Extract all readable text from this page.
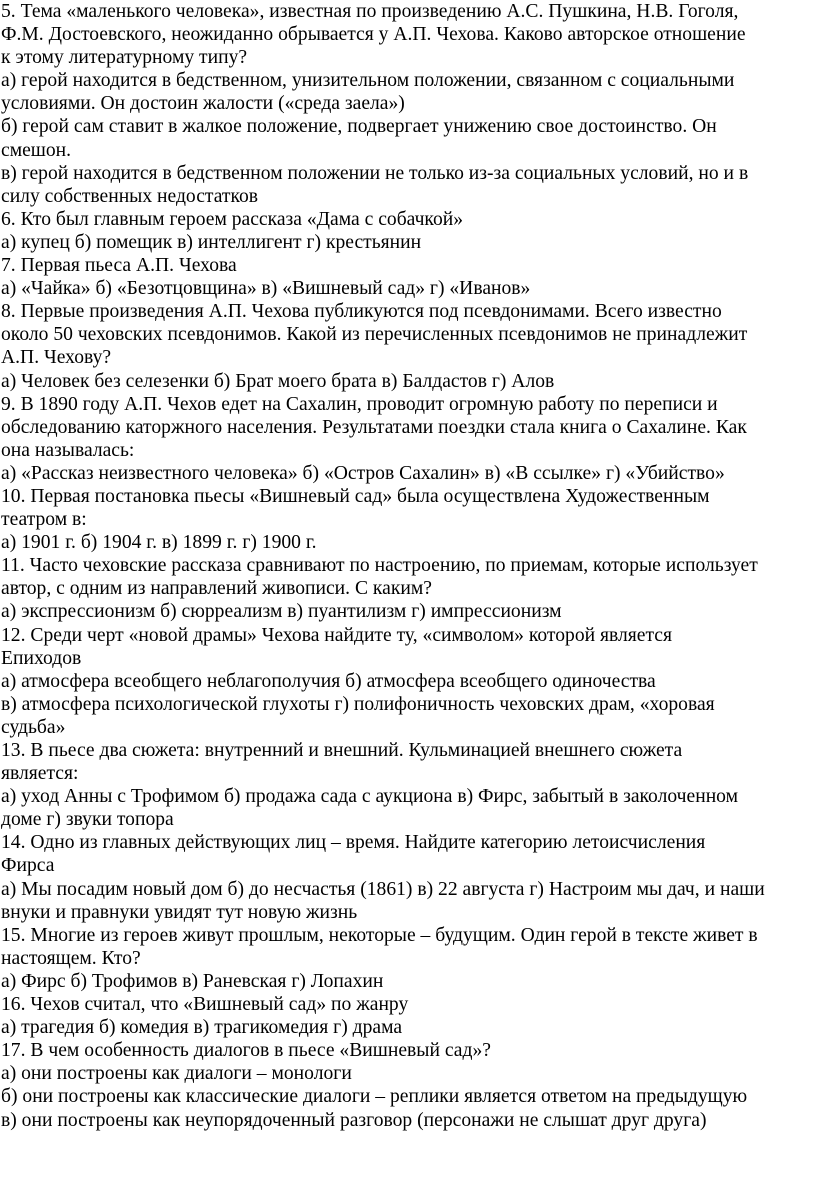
5. Тема «маленького человека», известная по произведению А.С. Пушкина, Н.В. Гоголя,
Ф.М. Достоевского, неожиданно обрывается у А.П. Чехова. Каково авторское отношение
к этому литературному типу?
а) герой находится в бедственном, унизительном положении, связанном с социальными
условиями. Он достоин жалости («среда заела»)
б) герой сам ставит в жалкое положение, подвергает унижению свое достоинство. Он
смешон.
в) герой находится в бедственном положении не только из-за социальных условий, но и в
силу собственных недостатков
6. Кто был главным героем рассказа «Дама с собачкой»
а) купец б) помещик в) интеллигент г) крестьянин
7. Первая пьеса А.П. Чехова
а) «Чайка» б) «Безотцовщина» в) «Вишневый сад» г) «Иванов»
8. Первые произведения А.П. Чехова публикуются под псевдонимами. Всего известно
около 50 чеховских псевдонимов. Какой из перечисленных псевдонимов не принадлежит
А.П. Чехову?
а) Человек без селезенки б) Брат моего брата в) Балдастов г) Алов
9. В 1890 году А.П. Чехов едет на Сахалин, проводит огромную работу по переписи и
обследованию каторжного населения. Результатами поездки стала книга о Сахалине. Как
она называлась:
а) «Рассказ неизвестного человека» б) «Остров Сахалин» в) «В ссылке» г) «Убийство»
10. Первая постановка пьесы «Вишневый сад» была осуществлена Художественным
театром в:
а) 1901 г. б) 1904 г. в) 1899 г. г) 1900 г.
11. Часто чеховские рассказа сравнивают по настроению, по приемам, которые использует
автор, с одним из направлений живописи. С каким?
а) экспрессионизм б) сюрреализм в) пуантилизм г) импрессионизм
12. Среди черт «новой драмы» Чехова найдите ту, «символом» которой является
Епиходов
а) атмосфера всеобщего неблагополучия б) атмосфера всеобщего одиночества
в) атмосфера психологической глухоты г) полифоничность чеховских драм, «хоровая
судьба»
13. В пьесе два сюжета: внутренний и внешний. Кульминацией внешнего сюжета
является:
а) уход Анны с Трофимом б) продажа сада с аукциона в) Фирс, забытый в заколоченном
доме г) звуки топора
14. Одно из главных действующих лиц – время. Найдите категорию летоисчисления
Фирса
а) Мы посадим новый дом б) до несчастья (1861) в) 22 августа г) Настроим мы дач, и наши
внуки и правнуки увидят тут новую жизнь
15. Многие из героев живут прошлым, некоторые – будущим. Один герой в тексте живет в
настоящем. Кто?
а) Фирс б) Трофимов в) Раневская г) Лопахин
16. Чехов считал, что «Вишневый сад» по жанру
а) трагедия б) комедия в) трагикомедия г) драма
17. В чем особенность диалогов в пьесе «Вишневый сад»?
а) они построены как диалоги – монологи
б) они построены как классические диалоги – реплики является ответом на предыдущую
в) они построены как неупорядоченный разговор (персонажи не слышат друг друга)
